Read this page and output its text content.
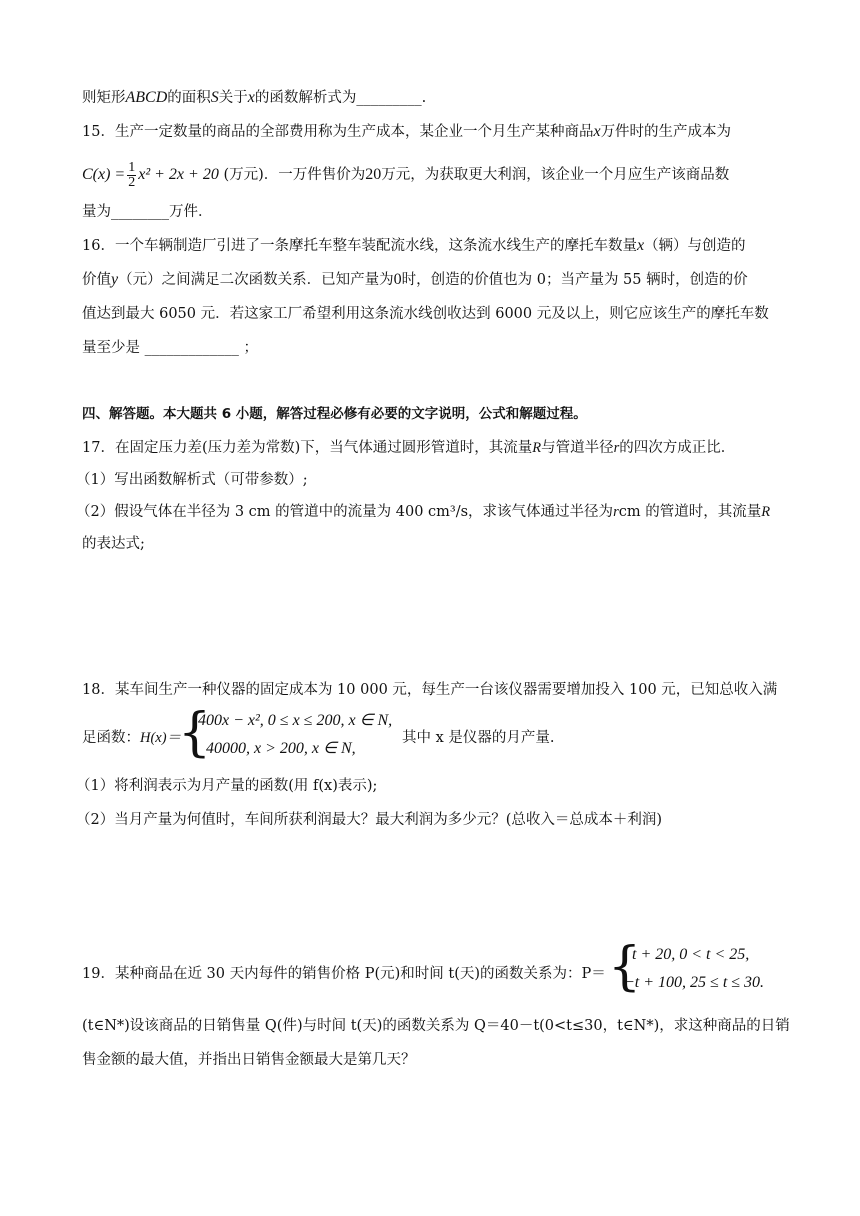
则矩形ABCD的面积S关于x的函数解析式为_________.
15．生产一定数量的商品的全部费用称为生产成本，某企业一个月生产某种商品x万件时的生产成本为
$C(x) = \frac{1}{2} x^2 + 2x + 20$ (万元)．一万件售价为20万元，为获取更大利润，该企业一个月应生产该商品数
量为________万件．
16．一个车辆制造厂引进了一条摩托车整车装配流水线，这条流水线生产的摩托车数量x（辆）与创造的
价值y（元）之间满足二次函数关系．已知产量为0时，创造的价值也为 0；当产量为 55 辆时，创造的价
值达到最大 6050 元．若这家工厂希望利用这条流水线创收达到 6000 元及以上，则它应该生产的摩托车数
量至少是 _____________ ；
四、解答题。本大题共 6 小题，解答过程必修有必要的文字说明，公式和解题过程。
17．在固定压力差(压力差为常数)下，当气体通过圆形管道时，其流量R与管道半径r的四次方成正比．
（1）写出函数解析式（可带参数）;
（2）假设气体在半径为 3 cm 的管道中的流量为 400 cm³/s，求该气体通过半径为rcm 的管道时，其流量R
的表达式;
18．某车间生产一种仪器的固定成本为 10 000 元，每生产一台该仪器需要增加投入 100 元，已知总收入满
足函数：H(x)＝
{
400x − x², 0 ≤ x ≤ 200, x ∈ N,
40000, x > 200, x ∈ N,
其中 x 是仪器的月产量.
（1）将利润表示为月产量的函数(用 f(x)表示);
（2）当月产量为何值时，车间所获利润最大？最大利润为多少元？(总收入＝总成本＋利润)
19．某种商品在近 30 天内每件的销售价格 P(元)和时间 t(天)的函数关系为：P＝ {
t + 20, 0 < t < 25,
−t + 100, 25 ≤ t ≤ 30.
(t∈N*)设该商品的日销售量 Q(件)与时间 t(天)的函数关系为 Q＝40－t(0<t≤30，t∈N*)，求这种商品的日销
售金额的最大值，并指出日销售金额最大是第几天？
